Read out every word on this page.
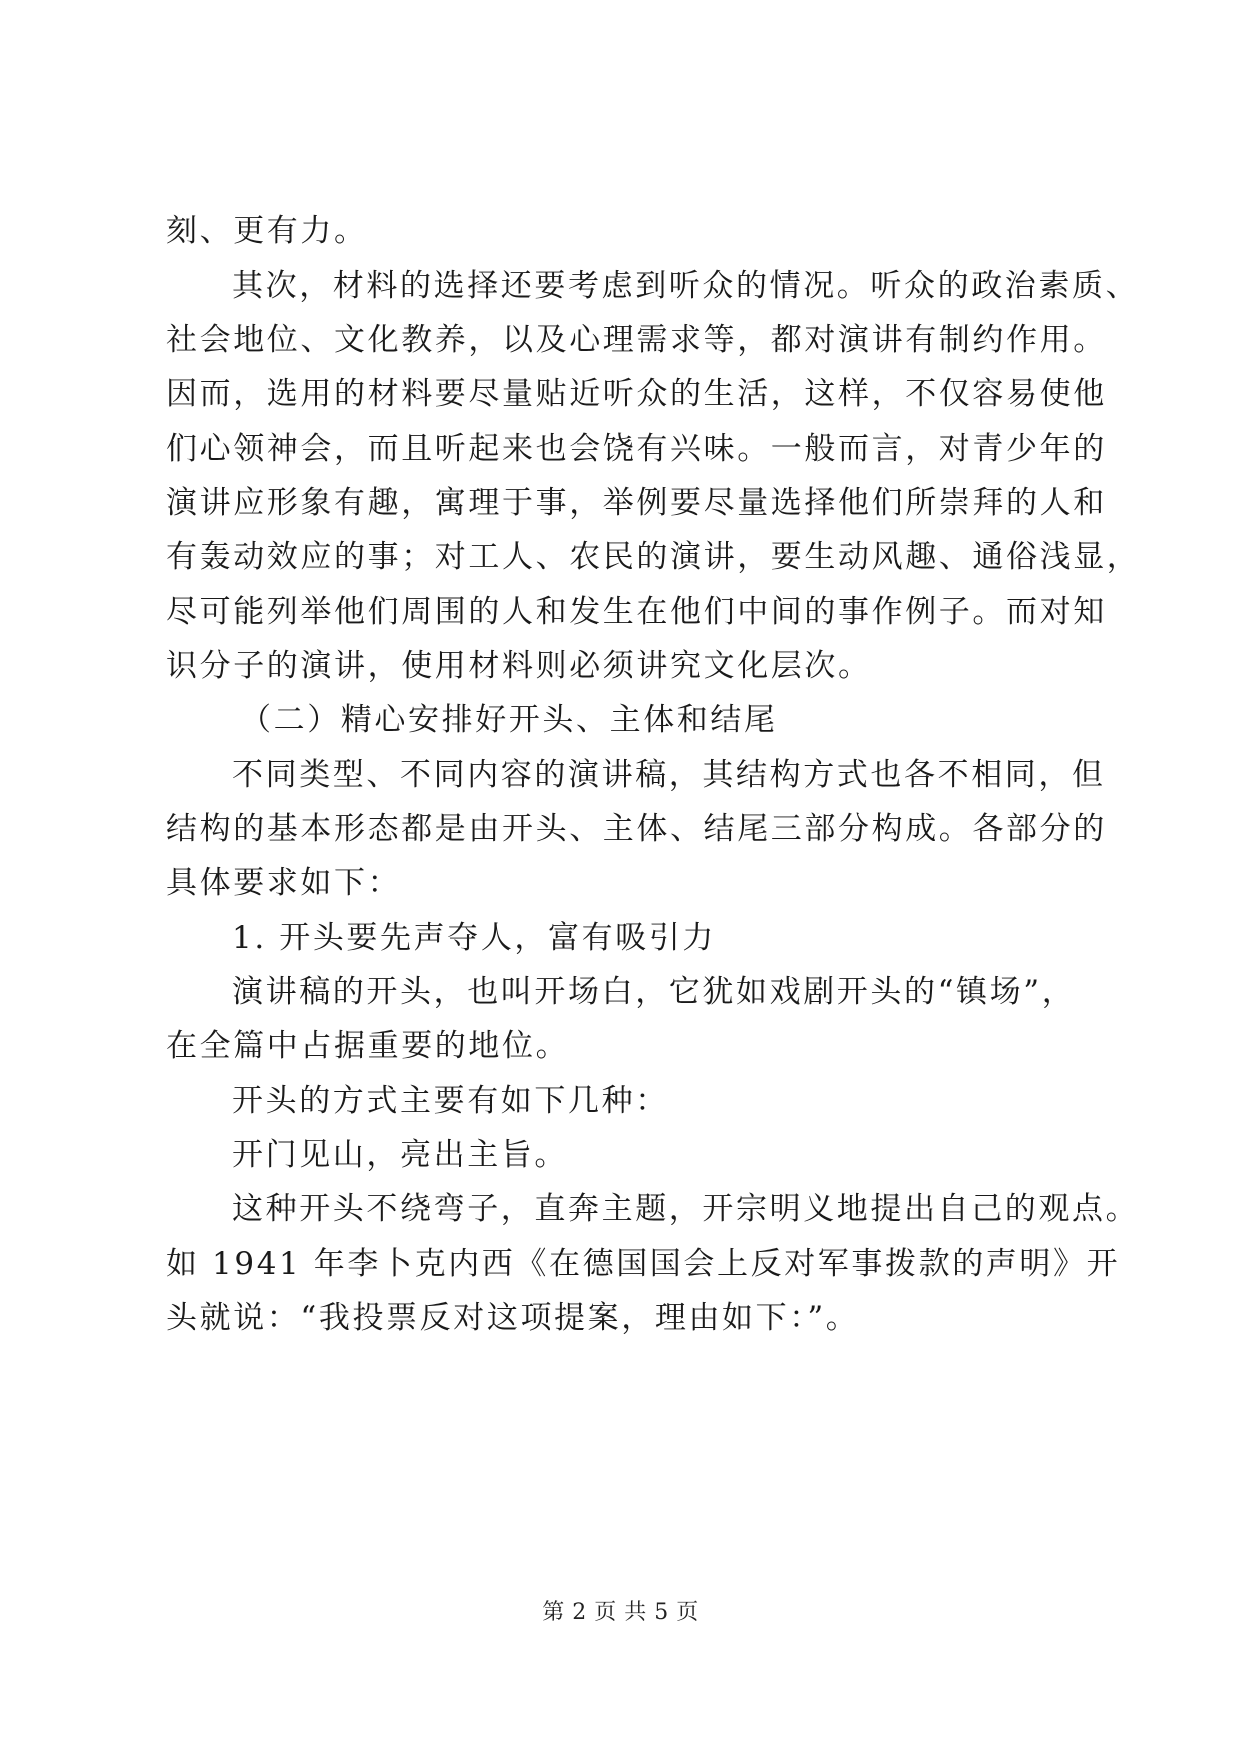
刻、更有力。
其次，材料的选择还要考虑到听众的情况。听众的政治素质、
社会地位、文化教养，以及心理需求等，都对演讲有制约作用。
因而，选用的材料要尽量贴近听众的生活，这样，不仅容易使他
们心领神会，而且听起来也会饶有兴味。一般而言，对青少年的
演讲应形象有趣，寓理于事，举例要尽量选择他们所崇拜的人和
有轰动效应的事；对工人、农民的演讲，要生动风趣、通俗浅显，
尽可能列举他们周围的人和发生在他们中间的事作例子。而对知
识分子的演讲，使用材料则必须讲究文化层次。
（二）精心安排好开头、主体和结尾
不同类型、不同内容的演讲稿，其结构方式也各不相同，但
结构的基本形态都是由开头、主体、结尾三部分构成。各部分的
具体要求如下：
1. 开头要先声夺人，富有吸引力
演讲稿的开头，也叫开场白，它犹如戏剧开头的“镇场”，
在全篇中占据重要的地位。
开头的方式主要有如下几种：
开门见山，亮出主旨。
这种开头不绕弯子，直奔主题，开宗明义地提出自己的观点。
如 1941 年李卜克内西《在德国国会上反对军事拨款的声明》开
头就说：“我投票反对这项提案，理由如下：”。
第 2 页 共 5 页
